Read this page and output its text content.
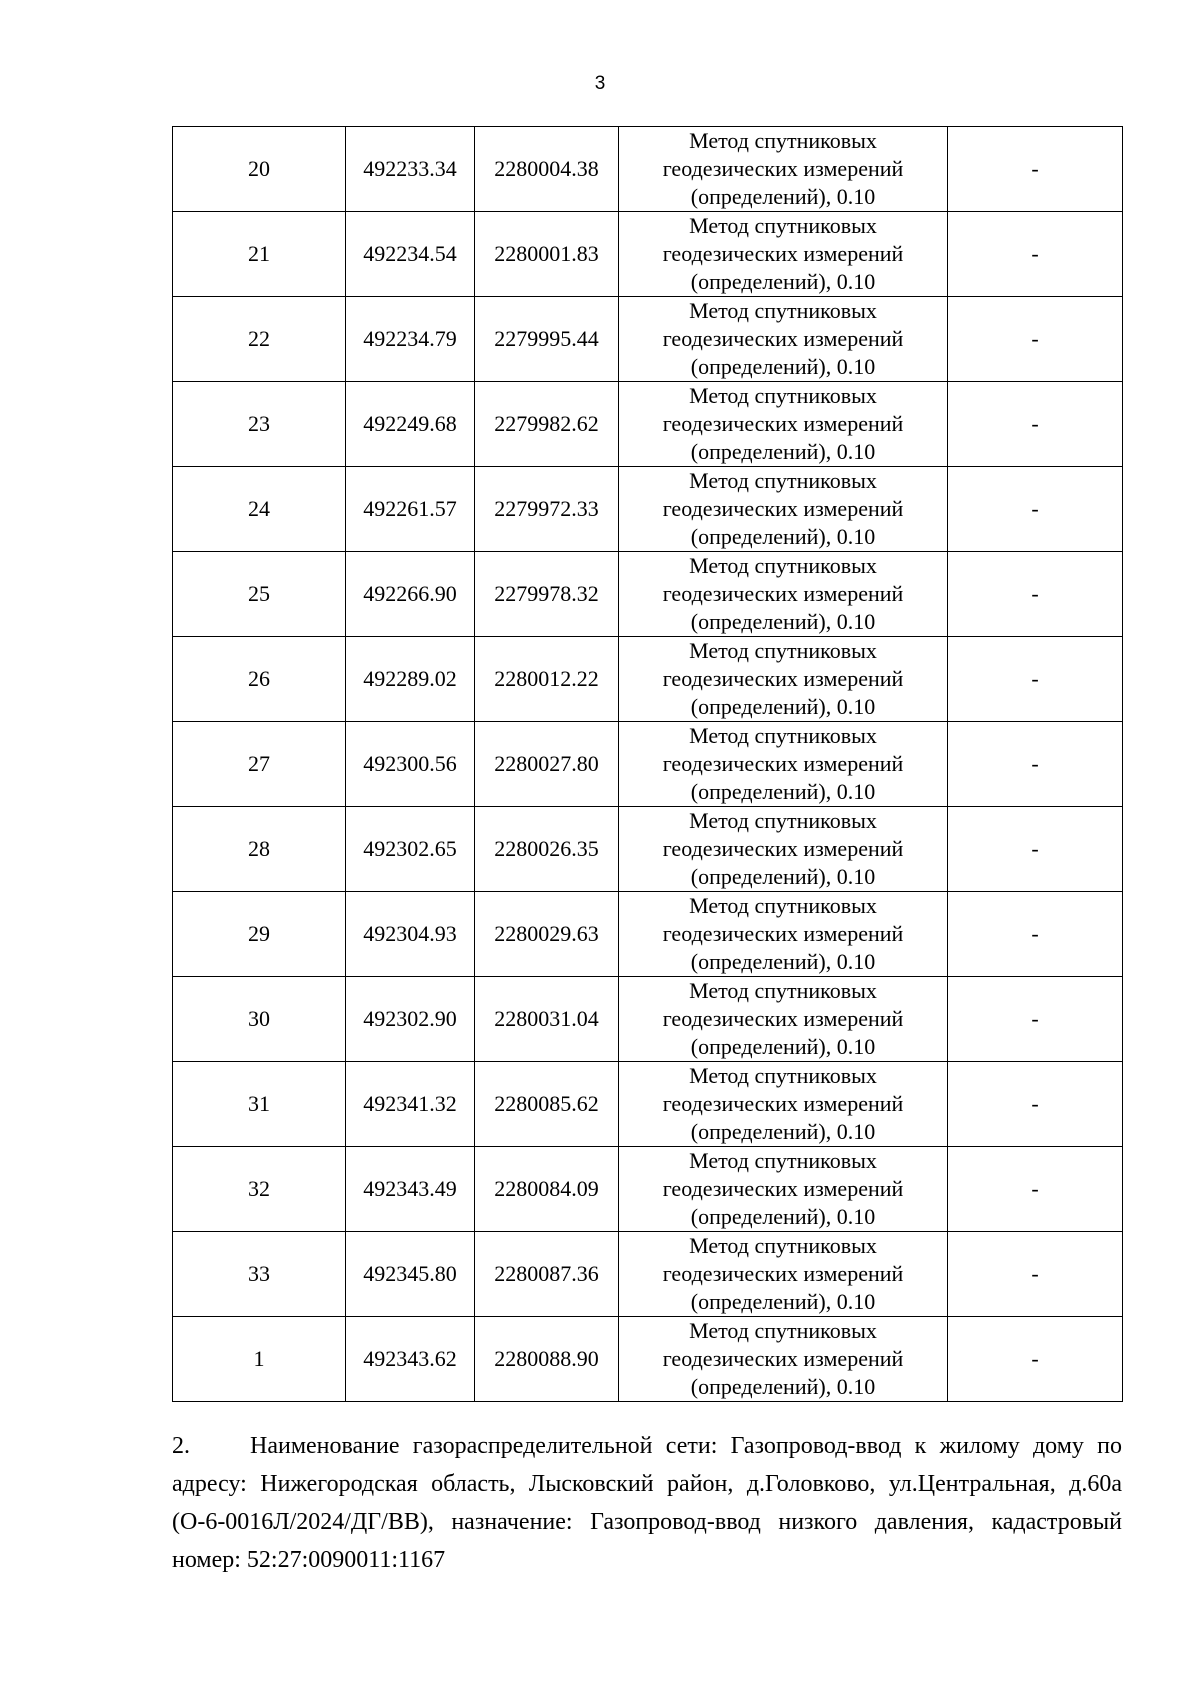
3
20	492233.34	2280004.38	Метод спутниковых
геодезических измерений
(определений), 0.10	-
21	492234.54	2280001.83	Метод спутниковых
геодезических измерений
(определений), 0.10	-
22	492234.79	2279995.44	Метод спутниковых
геодезических измерений
(определений), 0.10	-
23	492249.68	2279982.62	Метод спутниковых
геодезических измерений
(определений), 0.10	-
24	492261.57	2279972.33	Метод спутниковых
геодезических измерений
(определений), 0.10	-
25	492266.90	2279978.32	Метод спутниковых
геодезических измерений
(определений), 0.10	-
26	492289.02	2280012.22	Метод спутниковых
геодезических измерений
(определений), 0.10	-
27	492300.56	2280027.80	Метод спутниковых
геодезических измерений
(определений), 0.10	-
28	492302.65	2280026.35	Метод спутниковых
геодезических измерений
(определений), 0.10	-
29	492304.93	2280029.63	Метод спутниковых
геодезических измерений
(определений), 0.10	-
30	492302.90	2280031.04	Метод спутниковых
геодезических измерений
(определений), 0.10	-
31	492341.32	2280085.62	Метод спутниковых
геодезических измерений
(определений), 0.10	-
32	492343.49	2280084.09	Метод спутниковых
геодезических измерений
(определений), 0.10	-
33	492345.80	2280087.36	Метод спутниковых
геодезических измерений
(определений), 0.10	-
1	492343.62	2280088.90	Метод спутниковых
геодезических измерений
(определений), 0.10	-

2.	Наименование газораспределительной сети: Газопровод-ввод к жилому дому по адресу: Нижегородская область, Лысковский район, д.Головково, ул.Центральная, д.60а (О-6-0016Л/2024/ДГ/ВВ), назначение: Газопровод-ввод низкого давления, кадастровый номер: 52:27:0090011:1167
